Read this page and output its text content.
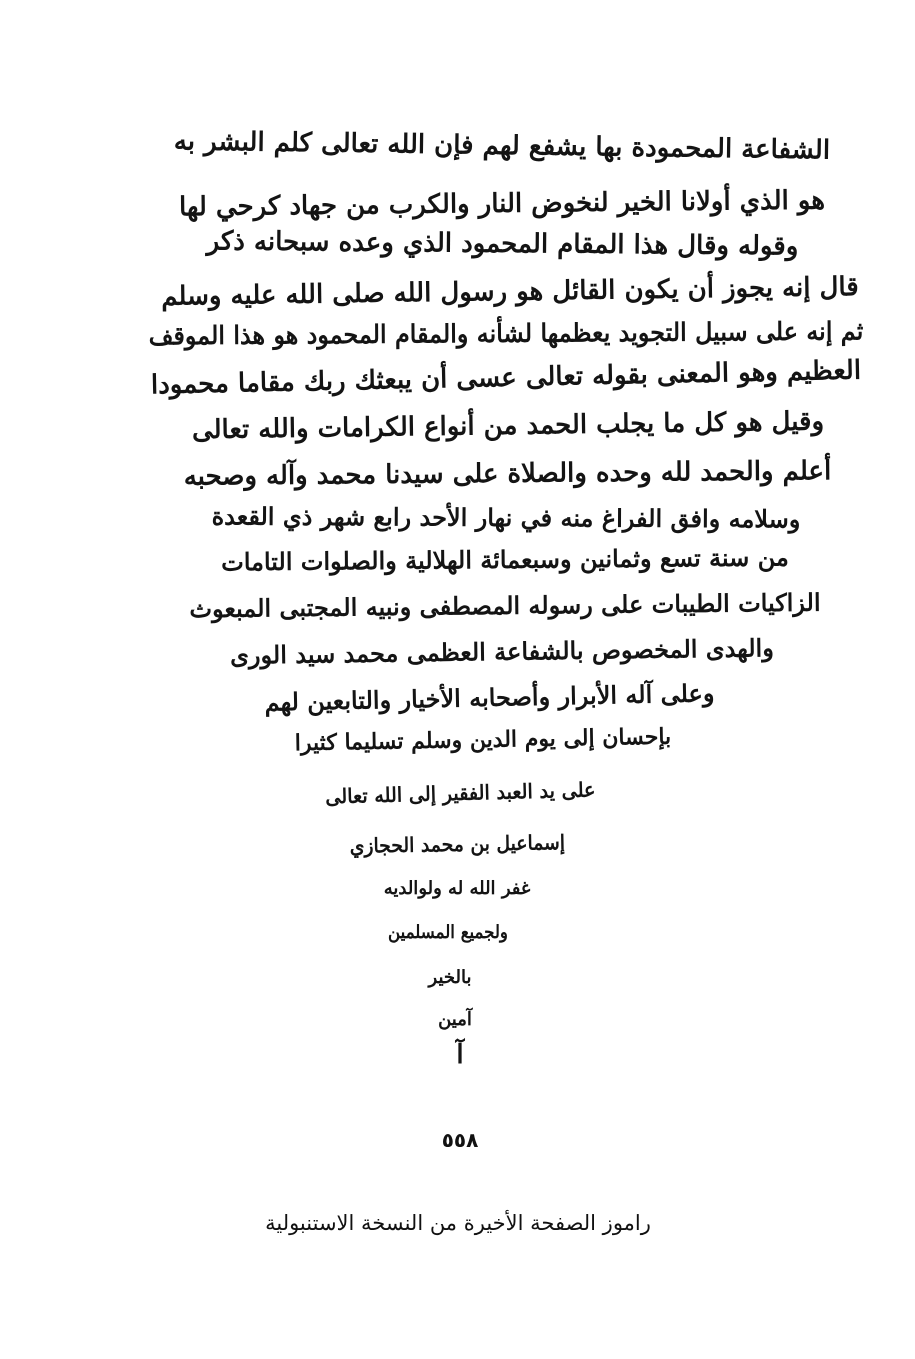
الشفاعة المحمودة بها يشفع لهم فإن الله تعالى كلم البشر به
هو الذي أولانا الخير لنخوض النار والكرب من جهاد كرحي لها
وقوله وقال هذا المقام المحمود الذي وعده سبحانه ذكر
قال إنه يجوز أن يكون القائل هو رسول الله صلى الله عليه وسلم
ثم إنه على سبيل التجويد يعظمها لشأنه والمقام المحمود هو هذا الموقف
العظيم وهو المعنى بقوله تعالى عسى أن يبعثك ربك مقاما محمودا
وقيل هو كل ما يجلب الحمد من أنواع الكرامات والله تعالى
أعلم والحمد لله وحده والصلاة على سيدنا محمد وآله وصحبه
وسلامه وافق الفراغ منه في نهار الأحد رابع شهر ذي القعدة
من سنة تسع وثمانين وسبعمائة الهلالية والصلوات التامات
الزاكيات الطيبات على رسوله المصطفى ونبيه المجتبى المبعوث
والهدى المخصوص بالشفاعة العظمى محمد سيد الورى
وعلى آله الأبرار وأصحابه الأخيار والتابعين لهم
بإحسان إلى يوم الدين وسلم تسليما كثيرا
على يد العبد الفقير إلى الله تعالى
إسماعيل بن محمد الحجازي
غفر الله له ولوالديه
ولجميع المسلمين
بالخير
آمين
آ
٥٥٨
راموز الصفحة الأخيرة من النسخة الاستنبولية
